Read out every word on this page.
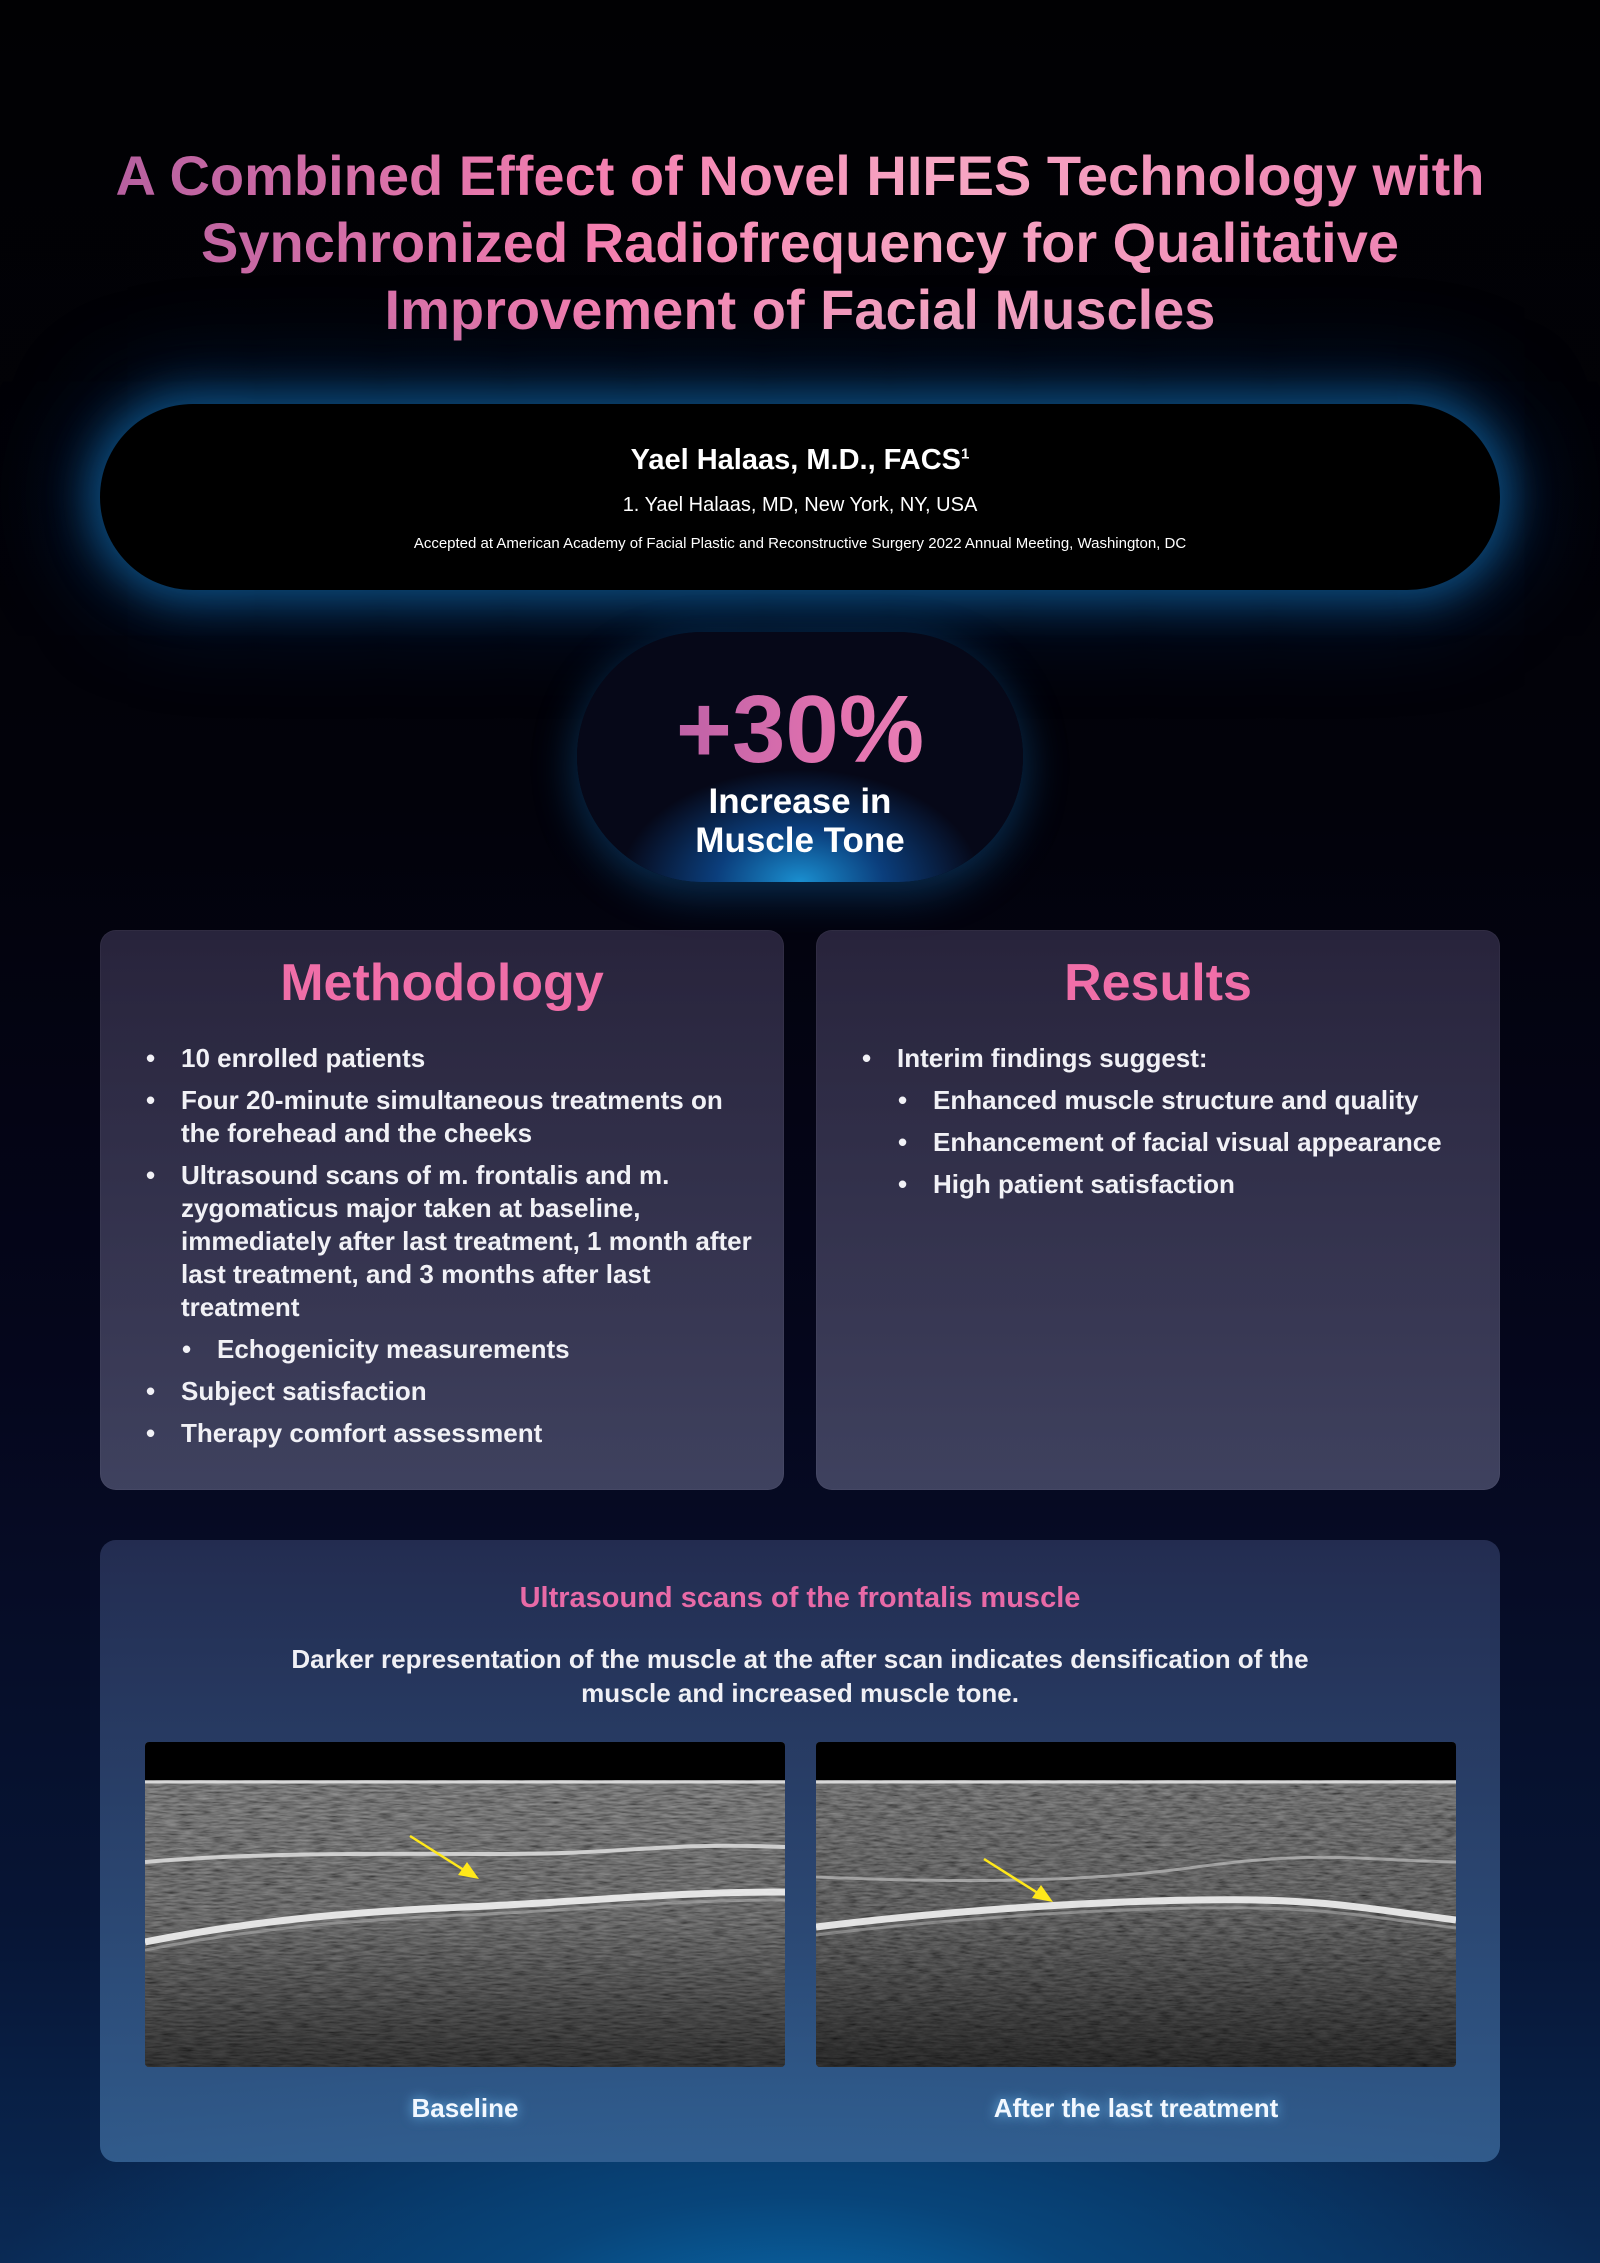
A Combined Effect of Novel HIFES Technology with Synchronized Radiofrequency for Qualitative Improvement of Facial Muscles
Yael Halaas, M.D., FACS$^1$
1. Yael Halaas, MD, New York, NY, USA
Accepted at American Academy of Facial Plastic and Reconstructive Surgery 2022 Annual Meeting, Washington, DC
+30%
Increase in
Muscle Tone
Methodology
• 10 enrolled patients
• Four 20-minute simultaneous treatments on the forehead and the cheeks
• Ultrasound scans of m. frontalis and m. zygomaticus major taken at baseline, immediately after last treatment, 1 month after last treatment, and 3 months after last treatment
• Echogenicity measurements
• Subject satisfaction
• Therapy comfort assessment
Results
• Interim findings suggest:
• Enhanced muscle structure and quality
• Enhancement of facial visual appearance
• High patient satisfaction
Ultrasound scans of the frontalis muscle
Darker representation of the muscle at the after scan indicates densification of the muscle and increased muscle tone.
Baseline	After the last treatment
